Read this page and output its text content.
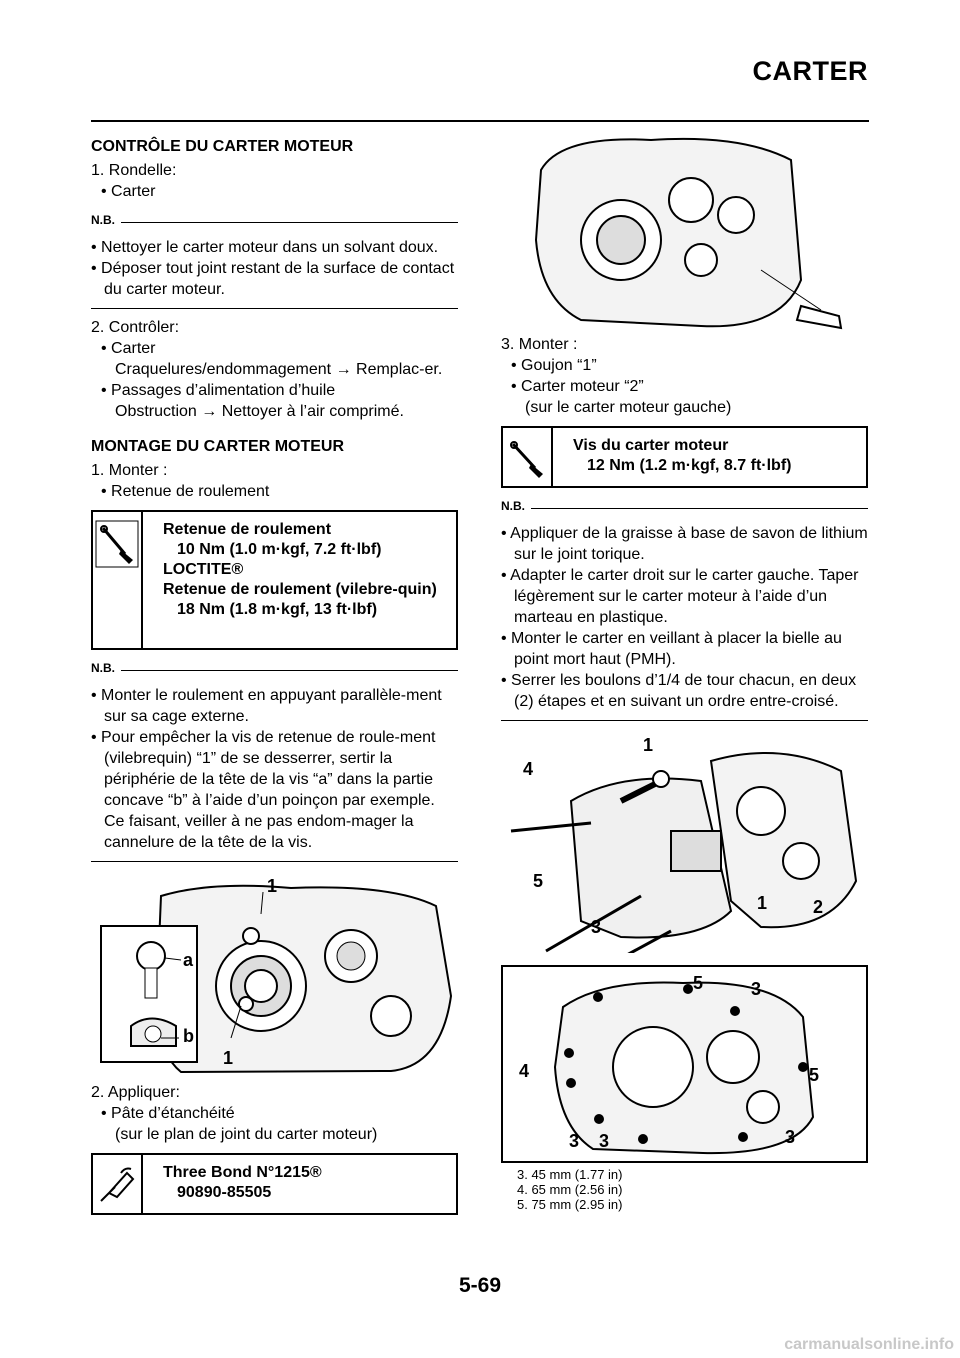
CARTER
CONTRÔLE DU CARTER MOTEUR
1. Rondelle:
• Carter
N.B.
• Nettoyer le carter moteur dans un solvant doux.
• Déposer tout joint restant de la surface de contact du carter moteur.
2. Contrôler:
• Carter
Craquelures/endommagement → Remplac-er.
• Passages d’alimentation d’huile
Obstruction → Nettoyer à l’air comprimé.
MONTAGE DU CARTER MOTEUR
1. Monter :
• Retenue de roulement
Retenue de roulement
10 Nm (1.0 m·kgf, 7.2 ft·lbf)
LOCTITE®
Retenue de roulement (vilebre-quin)
18 Nm (1.8 m·kgf, 13 ft·lbf)
N.B.
• Monter le roulement en appuyant parallèle-ment sur sa cage externe.
• Pour empêcher la vis de retenue de roule-ment (vilebrequin) “1” de se desserrer, sertir la périphérie de la tête de la vis “a” dans la partie concave “b” à l’aide d’un poinçon par exemple. Ce faisant, veiller à ne pas endom-mager la cannelure de la tête de la vis.
1
a
b
1
2. Appliquer:
• Pâte d’étanchéité
(sur le plan de joint du carter moteur)
Three Bond N°1215®
90890-85505
3. Monter :
• Goujon “1”
• Carter moteur “2”
(sur le carter moteur gauche)
Vis du carter moteur
12 Nm (1.2 m·kgf, 8.7 ft·lbf)
N.B.
• Appliquer de la graisse à base de savon de lithium sur le joint torique.
• Adapter le carter droit sur le carter gauche. Taper légèrement sur le carter moteur à l’aide d’un marteau en plastique.
• Monter le carter en veillant à placer la bielle au point mort haut (PMH).
• Serrer les boulons d’1/4 de tour chacun, en deux (2) étapes et en suivant un ordre entre-croisé.
1
4
5
3
1	2
5	3
4	5
3 3	3
3. 45 mm (1.77 in)
4. 65 mm (2.56 in)
5. 75 mm (2.95 in)
5-69
carmanualsonline.info
